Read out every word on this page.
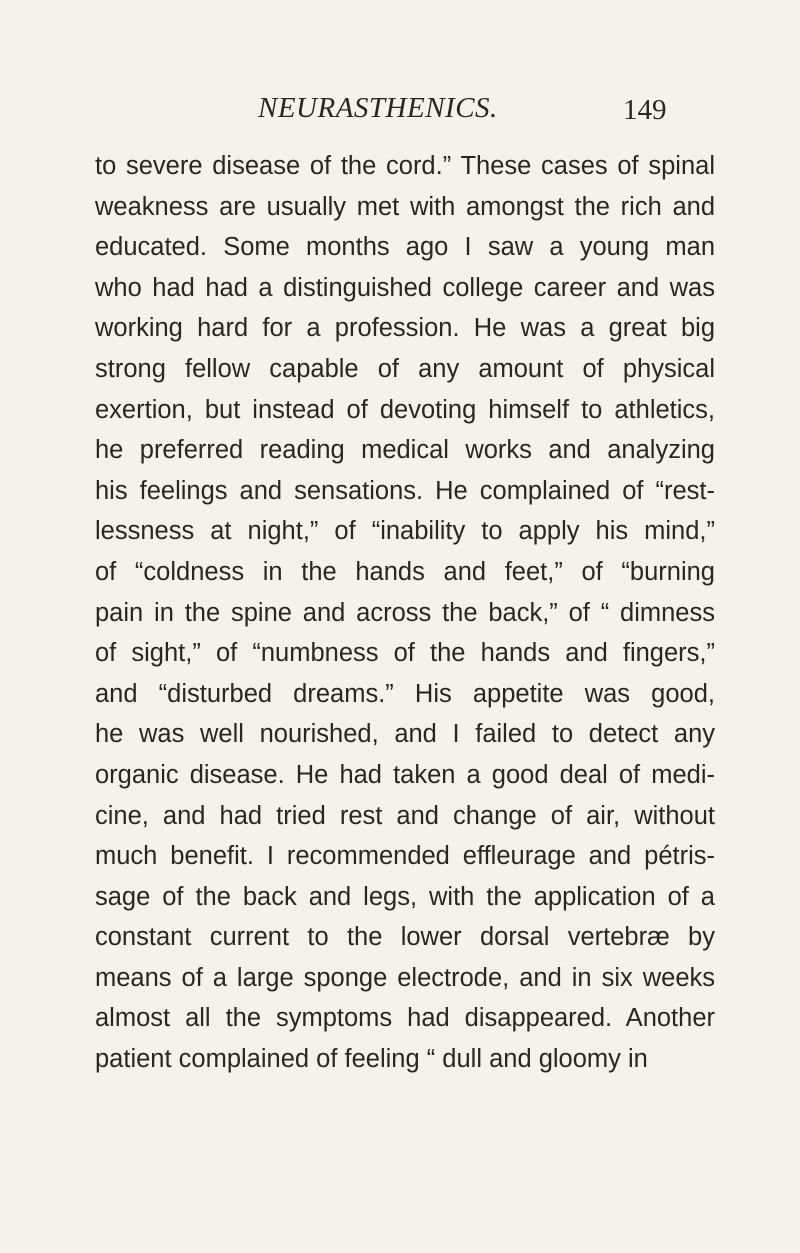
NEURASTHENICS.	149
to severe disease of the cord.” These cases of spinal
weakness are usually met with amongst the rich and
educated. Some months ago I saw a young man
who had had a distinguished college career and was
working hard for a profession. He was a great big
strong fellow capable of any amount of physical
exertion, but instead of devoting himself to athletics,
he preferred reading medical works and analyzing
his feelings and sensations. He complained of “rest-
lessness at night,” of “inability to apply his mind,”
of “coldness in the hands and feet,” of “burning
pain in the spine and across the back,” of “ dimness
of sight,” of “numbness of the hands and fingers,”
and “disturbed dreams.” His appetite was good,
he was well nourished, and I failed to detect any
organic disease. He had taken a good deal of medi-
cine, and had tried rest and change of air, without
much benefit. I recommended effleurage and pétris-
sage of the back and legs, with the application of a
constant current to the lower dorsal vertebræ by
means of a large sponge electrode, and in six weeks
almost all the symptoms had disappeared. Another
patient complained of feeling “ dull and gloomy in
